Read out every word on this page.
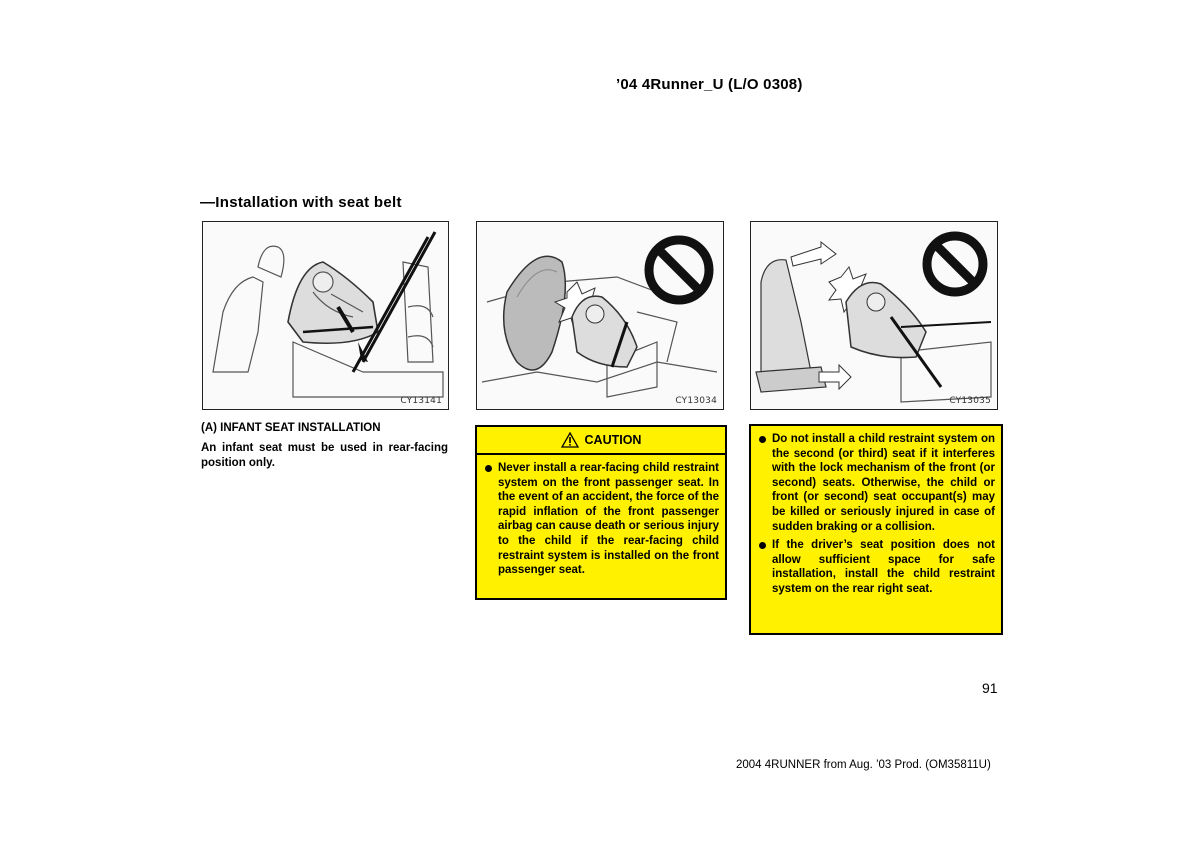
’04 4Runner_U (L/O 0308)
—Installation with seat belt
CY13141	CY13034	CY13035
(A) INFANT SEAT INSTALLATION
An infant seat must be used in rear-facing position only.
CAUTION
Never install a rear-facing child restraint system on the front passenger seat. In the event of an accident, the force of the rapid inflation of the front passenger airbag can cause death or serious injury to the child if the rear-facing child restraint system is installed on the front passenger seat.
Do not install a child restraint system on the second (or third) seat if it interferes with the lock mechanism of the front (or second) seats. Otherwise, the child or front (or second) seat occupant(s) may be killed or seriously injured in case of sudden braking or a collision.
If the driver’s seat position does not allow sufficient space for safe installation, install the child restraint system on the rear right seat.
91
2004 4RUNNER from Aug. ’03 Prod. (OM35811U)
